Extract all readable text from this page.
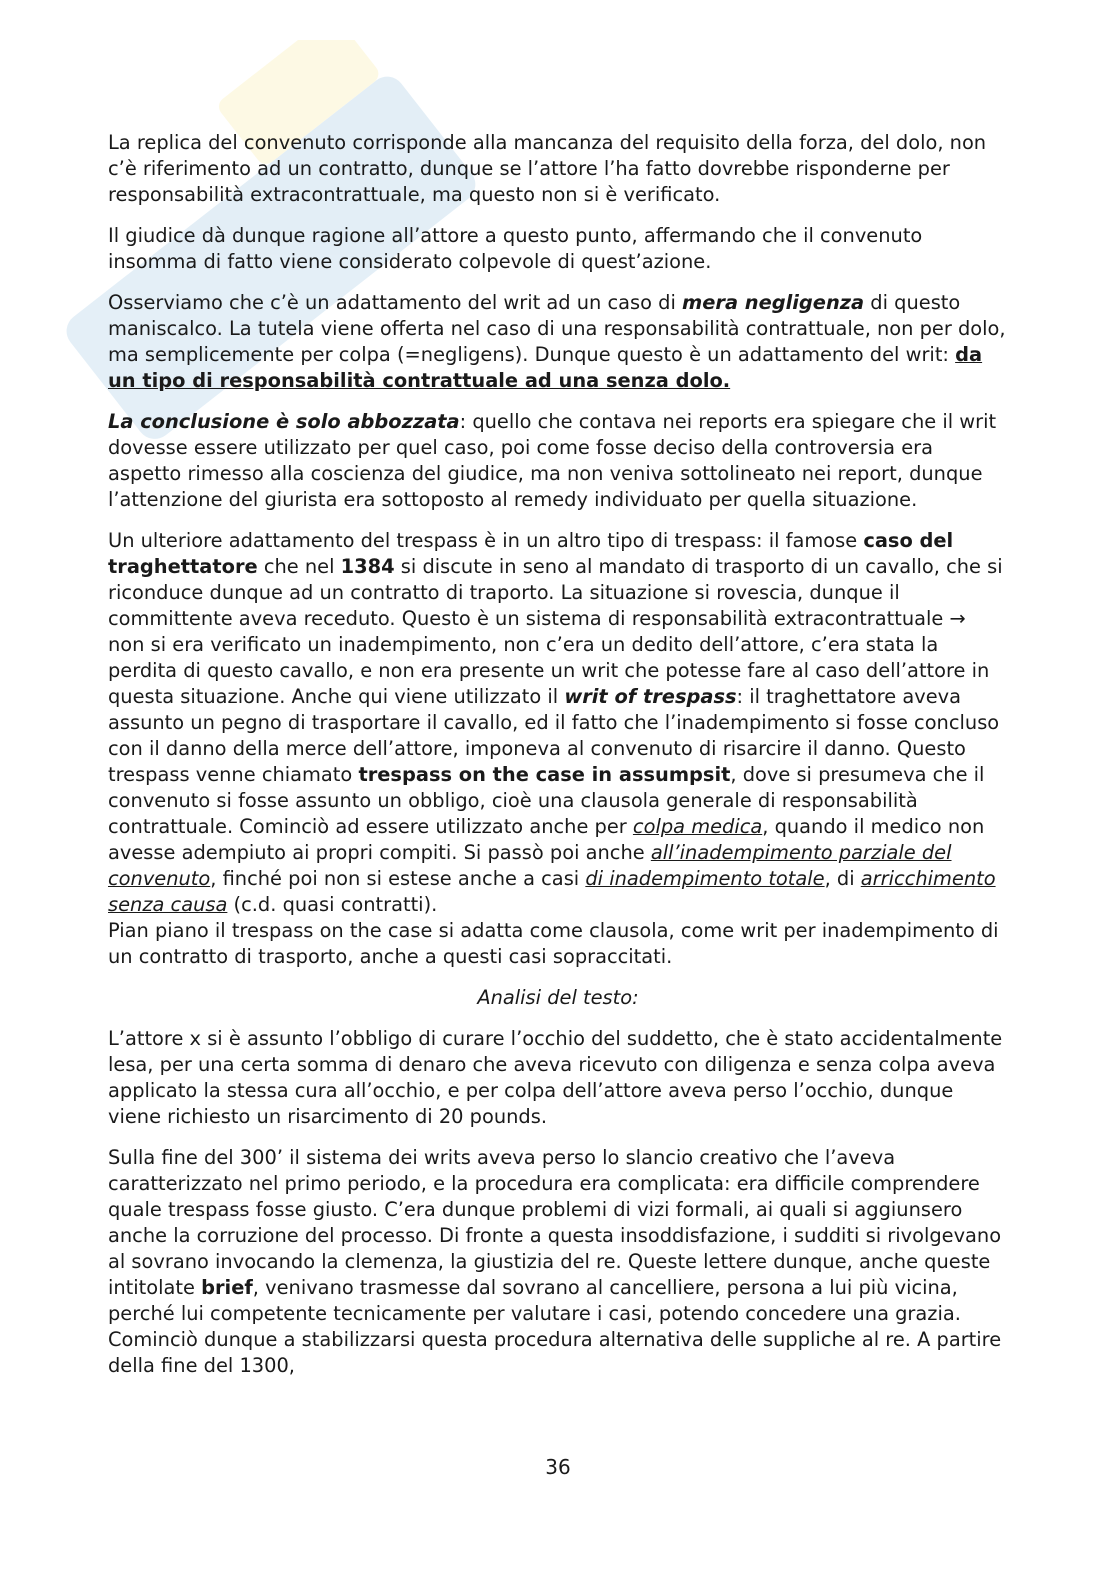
La replica del convenuto corrisponde alla mancanza del requisito della forza, del dolo, non c’è riferimento ad un contratto, dunque se l’attore l’ha fatto dovrebbe risponderne per responsabilità extracontrattuale, ma questo non si è verificato.

Il giudice dà dunque ragione all’attore a questo punto, affermando che il convenuto insomma di fatto viene considerato colpevole di quest’azione.

Osserviamo che c’è un adattamento del writ ad un caso di mera negligenza di questo maniscalco. La tutela viene offerta nel caso di una responsabilità contrattuale, non per dolo, ma semplicemente per colpa (=negligens). Dunque questo è un adattamento del writ: da un tipo di responsabilità contrattuale ad una senza dolo.

La conclusione è solo abbozzata: quello che contava nei reports era spiegare che il writ dovesse essere utilizzato per quel caso, poi come fosse deciso della controversia era aspetto rimesso alla coscienza del giudice, ma non veniva sottolineato nei report, dunque l’attenzione del giurista era sottoposto al remedy individuato per quella situazione.

Un ulteriore adattamento del trespass è in un altro tipo di trespass: il famose caso del traghettatore che nel 1384 si discute in seno al mandato di trasporto di un cavallo, che si riconduce dunque ad un contratto di traporto. La situazione si rovescia, dunque il committente aveva receduto. Questo è un sistema di responsabilità extracontrattuale → non si era verificato un inadempimento, non c’era un dedito dell’attore, c’era stata la perdita di questo cavallo, e non era presente un writ che potesse fare al caso dell’attore in questa situazione. Anche qui viene utilizzato il writ of trespass: il traghettatore aveva assunto un pegno di trasportare il cavallo, ed il fatto che l’inadempimento si fosse concluso con il danno della merce dell’attore, imponeva al convenuto di risarcire il danno. Questo trespass venne chiamato trespass on the case in assumpsit, dove si presumeva che il convenuto si fosse assunto un obbligo, cioè una clausola generale di responsabilità contrattuale. Cominciò ad essere utilizzato anche per colpa medica, quando il medico non avesse adempiuto ai propri compiti. Si passò poi anche all’inadempimento parziale del convenuto, finché poi non si estese anche a casi di inadempimento totale, di arricchimento senza causa (c.d. quasi contratti).

Pian piano il trespass on the case si adatta come clausola, come writ per inadempimento di un contratto di trasporto, anche a questi casi sopraccitati.

Analisi del testo:

L’attore x si è assunto l’obbligo di curare l’occhio del suddetto, che è stato accidentalmente lesa, per una certa somma di denaro che aveva ricevuto con diligenza e senza colpa aveva applicato la stessa cura all’occhio, e per colpa dell’attore aveva perso l’occhio, dunque viene richiesto un risarcimento di 20 pounds.

Sulla fine del 300’ il sistema dei writs aveva perso lo slancio creativo che l’aveva caratterizzato nel primo periodo, e la procedura era complicata: era difficile comprendere quale trespass fosse giusto. C’era dunque problemi di vizi formali, ai quali si aggiunsero anche la corruzione del processo. Di fronte a questa insoddisfazione, i sudditi si rivolgevano al sovrano invocando la clemenza, la giustizia del re. Queste lettere dunque, anche queste intitolate brief, venivano trasmesse dal sovrano al cancelliere, persona a lui più vicina, perché lui competente tecnicamente per valutare i casi, potendo concedere una grazia. Cominciò dunque a stabilizzarsi questa procedura alternativa delle suppliche al re. A partire della fine del 1300,

36
